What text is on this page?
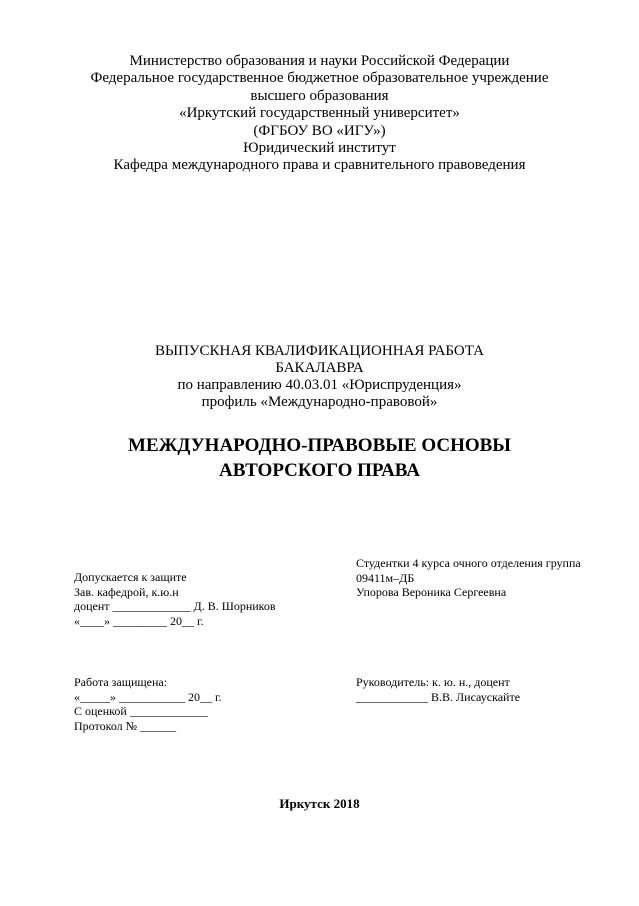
Министерство образования и науки Российской Федерации
Федеральное государственное бюджетное образовательное учреждение
высшего образования
«Иркутский государственный университет»
(ФГБОУ ВО «ИГУ»)
Юридический институт
Кафедра международного права и сравнительного правоведения
ВЫПУСКНАЯ КВАЛИФИКАЦИОННАЯ РАБОТА
БАКАЛАВРА
по направлению 40.03.01 «Юриспруденция»
профиль «Международно-правовой»
МЕЖДУНАРОДНО-ПРАВОВЫЕ ОСНОВЫ
АВТОРСКОГО ПРАВА
Допускается к защите
Зав. кафедрой, к.ю.н
доцент _____________ Д. В. Шорников
«____» _________ 20__ г.
Студентки 4 курса очного отделения группа
09411м–ДБ
Упорова Вероника Сергеевна
Работа защищена:
«_____» ___________ 20__ г.
С оценкой _____________
Протокол № ______
Руководитель: к. ю. н., доцент
____________ В.В. Лисаускайте
Иркутск 2018
